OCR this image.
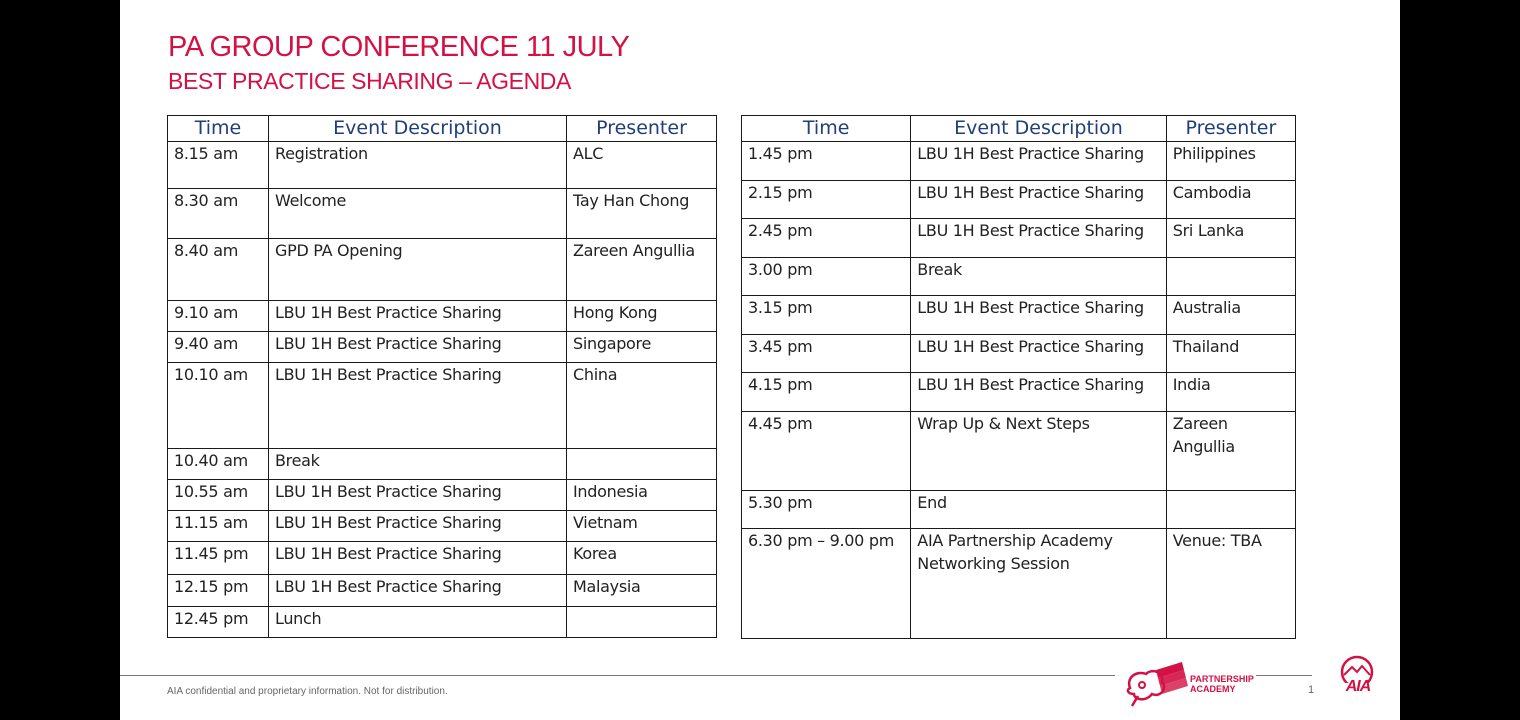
PA GROUP CONFERENCE 11 JULY
BEST PRACTICE SHARING – AGENDA
Time	Event Description	Presenter
8.15 am	Registration	ALC
8.30 am	Welcome	Tay Han Chong
8.40 am	GPD PA Opening	Zareen Angullia
9.10 am	LBU 1H Best Practice Sharing	Hong Kong
9.40 am	LBU 1H Best Practice Sharing	Singapore
10.10 am	LBU 1H Best Practice Sharing	China
10.40 am	Break	
10.55 am	LBU 1H Best Practice Sharing	Indonesia
11.15 am	LBU 1H Best Practice Sharing	Vietnam
11.45 pm	LBU 1H Best Practice Sharing	Korea
12.15 pm	LBU 1H Best Practice Sharing	Malaysia
12.45 pm	Lunch	
Time	Event Description	Presenter
1.45 pm	LBU 1H Best Practice Sharing	Philippines
2.15 pm	LBU 1H Best Practice Sharing	Cambodia
2.45 pm	LBU 1H Best Practice Sharing	Sri Lanka
3.00 pm	Break	
3.15 pm	LBU 1H Best Practice Sharing	Australia
3.45 pm	LBU 1H Best Practice Sharing	Thailand
4.15 pm	LBU 1H Best Practice Sharing	India
4.45 pm	Wrap Up & Next Steps	Zareen Angullia
5.30 pm	End	
6.30 pm – 9.00 pm	AIA Partnership Academy Networking Session	Venue: TBA
AIA confidential and proprietary information. Not for distribution.	1
PARTNERSHIP ACADEMY	AIA
